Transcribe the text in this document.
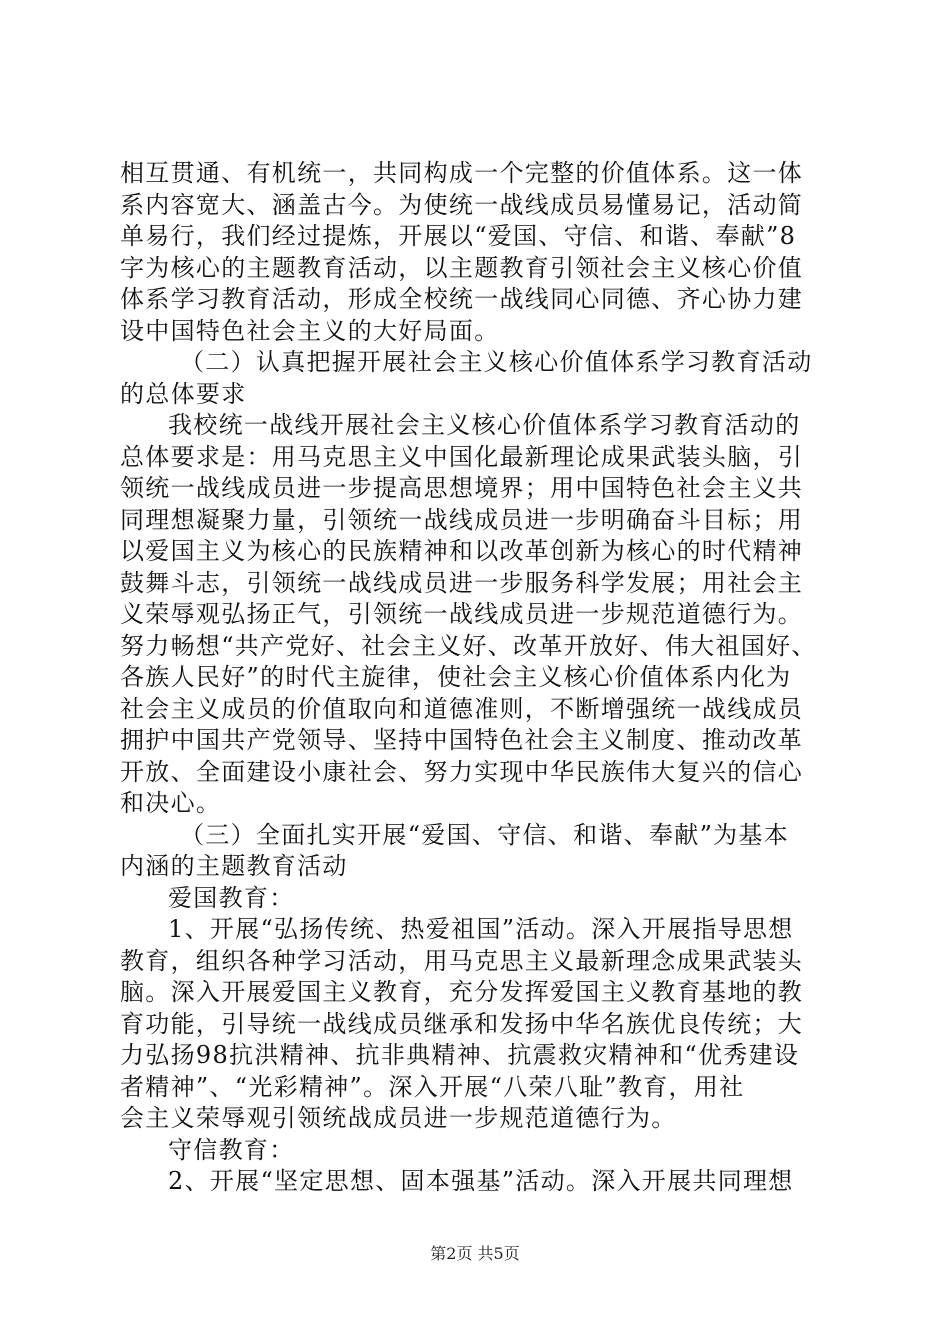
相互贯通、有机统一，共同构成一个完整的价值体系。这一体
系内容宽大、涵盖古今。为使统一战线成员易懂易记，活动简
单易行，我们经过提炼，开展以“爱国、守信、和谐、奉献”8
字为核心的主题教育活动，以主题教育引领社会主义核心价值
体系学习教育活动，形成全校统一战线同心同德、齐心协力建
设中国特色社会主义的大好局面。
（二）认真把握开展社会主义核心价值体系学习教育活动
的总体要求
我校统一战线开展社会主义核心价值体系学习教育活动的
总体要求是：用马克思主义中国化最新理论成果武装头脑，引
领统一战线成员进一步提高思想境界；用中国特色社会主义共
同理想凝聚力量，引领统一战线成员进一步明确奋斗目标；用
以爱国主义为核心的民族精神和以改革创新为核心的时代精神
鼓舞斗志，引领统一战线成员进一步服务科学发展；用社会主
义荣辱观弘扬正气，引领统一战线成员进一步规范道德行为。
努力畅想“共产党好、社会主义好、改革开放好、伟大祖国好、
各族人民好”的时代主旋律，使社会主义核心价值体系内化为
社会主义成员的价值取向和道德准则，不断增强统一战线成员
拥护中国共产党领导、坚持中国特色社会主义制度、推动改革
开放、全面建设小康社会、努力实现中华民族伟大复兴的信心
和决心。
（三）全面扎实开展“爱国、守信、和谐、奉献”为基本
内涵的主题教育活动
爱国教育：
1、开展“弘扬传统、热爱祖国”活动。深入开展指导思想
教育，组织各种学习活动，用马克思主义最新理念成果武装头
脑。深入开展爱国主义教育，充分发挥爱国主义教育基地的教
育功能，引导统一战线成员继承和发扬中华名族优良传统；大
力弘扬98抗洪精神、抗非典精神、抗震救灾精神和“优秀建设
者精神”、“光彩精神”。深入开展“八荣八耻”教育，用社
会主义荣辱观引领统战成员进一步规范道德行为。
守信教育：
2、开展“坚定思想、固本强基”活动。深入开展共同理想
第2页 共5页
